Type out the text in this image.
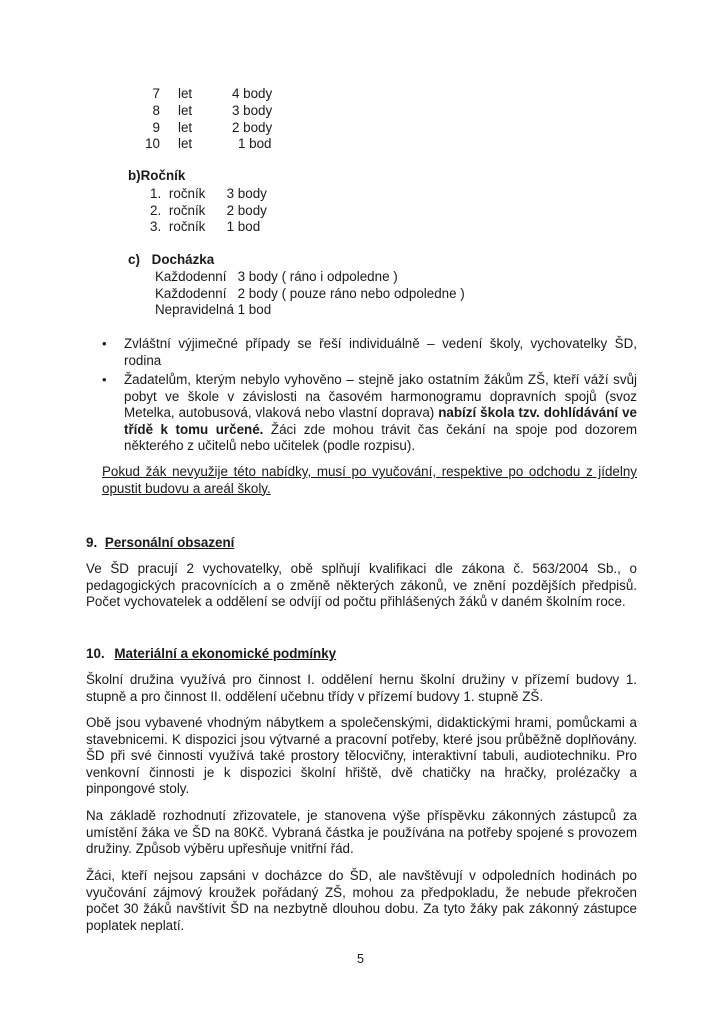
7 let	4 body
8 let	3 body
9 let	2 body
10 let	1 bod
b)Ročník
1. ročník 3 body
2. ročník 2 body
3. ročník 1 bod
c) Docházka
Každodenní   3 body ( ráno i odpoledne )
Každodenní   2 body ( pouze ráno nebo odpoledne )
Nepravidelná 1 bod
• Zvláštní výjimečné případy se řeší individuálně – vedení školy, vychovatelky ŠD, rodina
• Žadatelům, kterým nebylo vyhověno – stejně jako ostatním žákům ZŠ, kteří váží svůj pobyt ve škole v závislosti na časovém harmonogramu dopravních spojů (svoz Metelka, autobusová, vlaková nebo vlastní doprava) nabízí škola tzv. dohlídávání ve třídě k tomu určené. Žáci zde mohou trávit čas čekání na spoje pod dozorem některého z učitelů nebo učitelek (podle rozpisu).
Pokud žák nevyužije této nabídky, musí po vyučování, respektive po odchodu z jídelny opustit budovu a areál školy.
9. Personální obsazení
Ve ŠD pracují 2 vychovatelky, obě splňují kvalifikaci dle zákona č. 563/2004 Sb., o pedagogických pracovnících a o změně některých zákonů, ve znění pozdějších předpisů. Počet vychovatelek a oddělení se odvíjí od počtu přihlášených žáků v daném školním roce.
10. Materiální a ekonomické podmínky
Školní družina využívá pro činnost I. oddělení hernu školní družiny v přízemí budovy 1. stupně a pro činnost II. oddělení učebnu třídy v přízemí budovy 1. stupně ZŠ.
Obě jsou vybavené vhodným nábytkem a společenskými, didaktickými hrami, pomůckami a stavebnicemi. K dispozici jsou výtvarné a pracovní potřeby, které jsou průběžně doplňovány. ŠD při své činnosti využívá také prostory tělocvičny, interaktivní tabuli, audiotechniku. Pro venkovní činnosti je k dispozici školní hřiště, dvě chatičky na hračky, prolézačky a pinpongové stoly.
Na základě rozhodnutí zřizovatele, je stanovena výše příspěvku zákonných zástupců za umístění žáka ve ŠD na 80Kč. Vybraná částka je používána na potřeby spojené s provozem družiny. Způsob výběru upřesňuje vnitřní řád.
Žáci, kteří nejsou zapsáni v docházce do ŠD, ale navštěvují v odpoledních hodinách po vyučování zájmový kroužek pořádaný ZŠ, mohou za předpokladu, že nebude překročen počet 30 žáků navštívit ŠD na nezbytně dlouhou dobu. Za tyto žáky pak zákonný zástupce poplatek neplatí.
5
